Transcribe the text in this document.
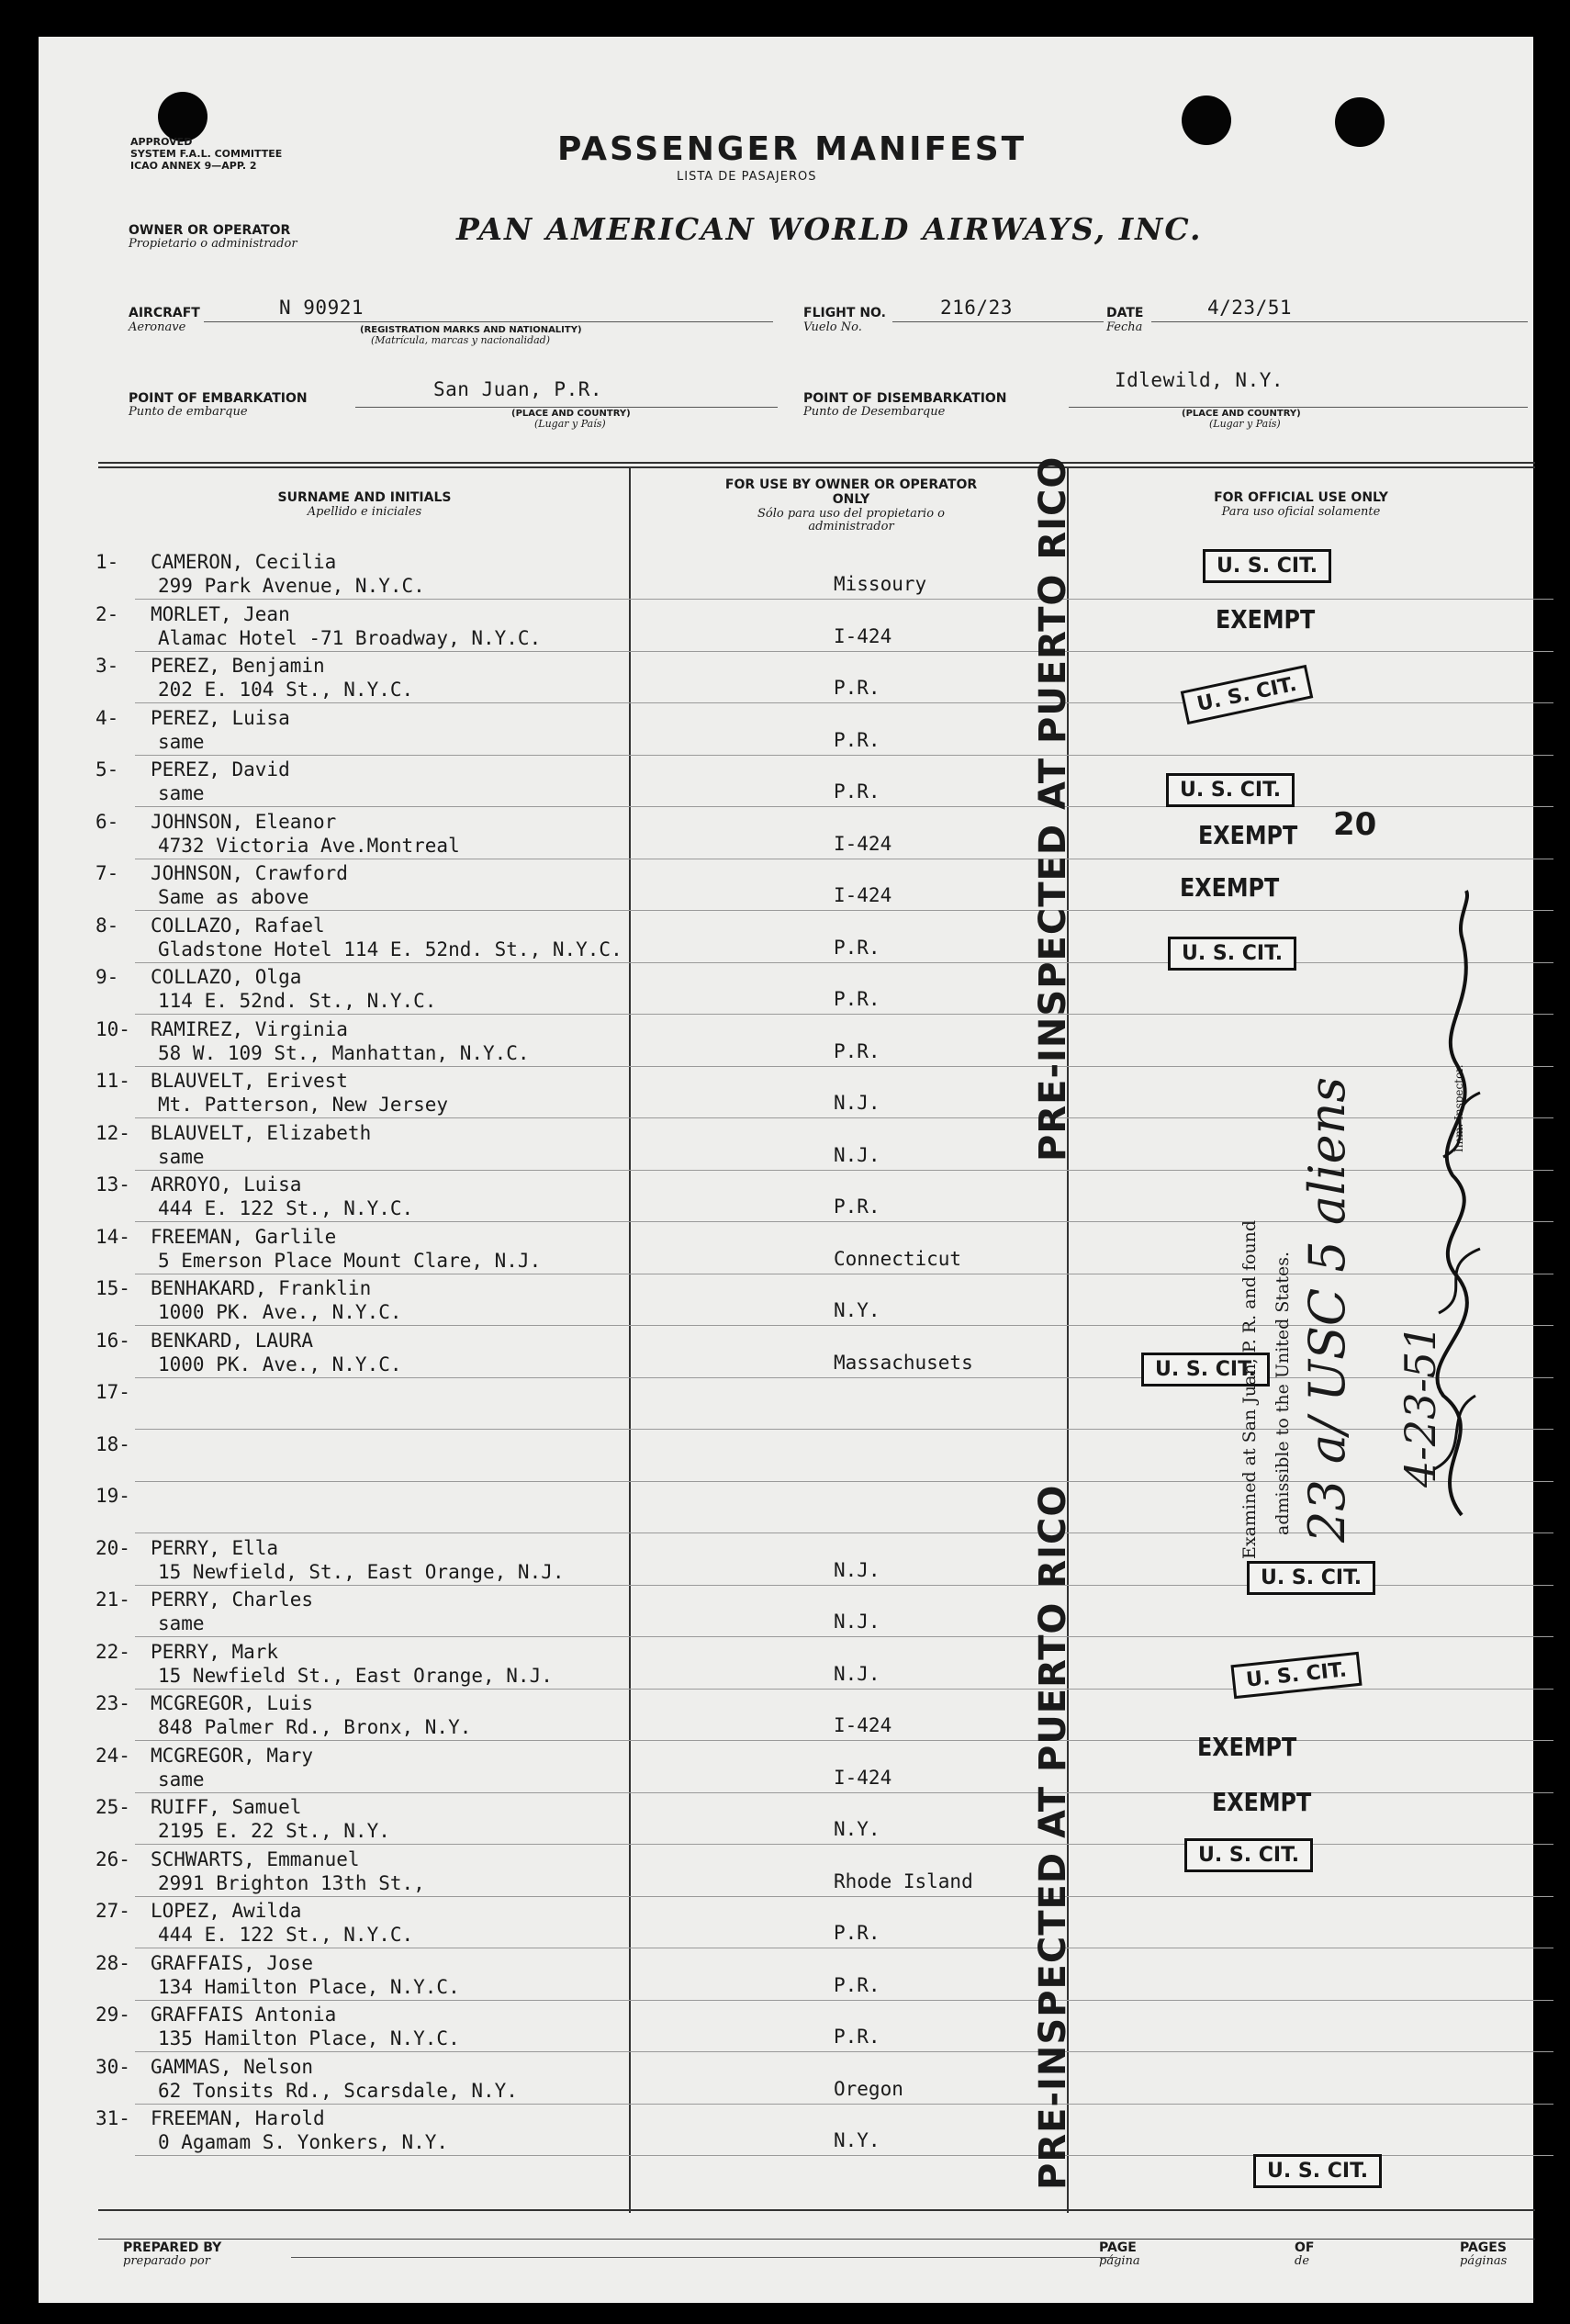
APPROVED
SYSTEM F.A.L. COMMITTEE
ICAO ANNEX 9—APP. 2	PASSENGER MANIFEST
LISTA DE PASAJEROS
OWNER OR OPERATOR
Propietario o administrador	PAN AMERICAN WORLD AIRWAYS, INC.
AIRCRAFT
Aeronave
N 90921
(REGISTRATION MARKS AND NATIONALITY)
(Matrícula, marcas y nacionalidad)
FLIGHT NO.
Vuelo No.
216/23	DATE
Fecha
4/23/51
POINT OF EMBARKATION
Punto de embarque
San Juan, P.R.
(PLACE AND COUNTRY)
(Lugar y País)
POINT OF DISEMBARKATION
Punto de Desembarque
Idlewild, N.Y.
(PLACE AND COUNTRY)
(Lugar y País)
SURNAME AND INITIALS
Apellido e iniciales
FOR USE BY OWNER OR OPERATOR ONLY
Sólo para uso del propietario o administrador
FOR OFFICIAL USE ONLY
Para uso oficial solamente
1- CAMERON, Cecilia
299 Park Avenue, N.Y.C.	Missoury
2- MORLET, Jean
Alamac Hotel -71 Broadway, N.Y.C.	I-424
3- PEREZ, Benjamin
202 E. 104 St., N.Y.C.	P.R.
4- PEREZ, Luisa
same	P.R.
5- PEREZ, David
same	P.R.
6- JOHNSON, Eleanor
4732 Victoria Ave.Montreal	I-424
7- JOHNSON, Crawford
Same as above	I-424
8- COLLAZO, Rafael
Gladstone Hotel 114 E. 52nd. St., N.Y.C.	P.R.
9- COLLAZO, Olga
114 E. 52nd. St., N.Y.C.	P.R.
10- RAMIREZ, Virginia
58 W. 109 St., Manhattan, N.Y.C.	P.R.
11- BLAUVELT, Erivest
Mt. Patterson, New Jersey	N.J.
12- BLAUVELT, Elizabeth
same	N.J.
13- ARROYO, Luisa
444 E. 122 St., N.Y.C.	P.R.
14- FREEMAN, Garlile
5 Emerson Place Mount Clare, N.J.	Connecticut
15- BENHAKARD, Franklin
1000 PK. Ave., N.Y.C.	N.Y.
16- BENKARD, LAURA
1000 PK. Ave., N.Y.C.	Massachusets
17-
18-
19-
20- PERRY, Ella
15 Newfield, St., East Orange, N.J.	N.J.
21- PERRY, Charles
same	N.J.
22- PERRY, Mark
15 Newfield St., East Orange, N.J.	N.J.
23- MCGREGOR, Luis
848 Palmer Rd., Bronx, N.Y.	I-424
24- MCGREGOR, Mary
same	I-424
25- RUIFF, Samuel
2195 E. 22 St., N.Y.	N.Y.
26- SCHWARTS, Emmanuel
2991 Brighton 13th St.,	Rhode Island
27- LOPEZ, Awilda
444 E. 122 St., N.Y.C.	P.R.
28- GRAFFAIS, Jose
134 Hamilton Place, N.Y.C.	P.R.
29- GRAFFAIS Antonia
135 Hamilton Place, N.Y.C.	P.R.
30- GAMMAS, Nelson
62 Tonsits Rd., Scarsdale, N.Y.	Oregon
31- FREEMAN, Harold
0 Agamam S. Yonkers, N.Y.	N.Y.
PRE-INSPECTED AT PUERTO RICO
PRE-INSPECTED AT PUERTO RICO
U. S. CIT.
EXEMPT
U. S. CIT.
U. S. CIT.
EXEMPT 20
EXEMPT
U. S. CIT.
U. S. CIT.
U. S. CIT.
U. S. CIT.
EXEMPT
EXEMPT
U. S. CIT.
U. S. CIT.
Examined at San Juan, P. R. and found admissible to the United States.
Imm. Inspector.
23 a/ USC 5 aliens 4-23-51
PREPARED BY
preparado por
PAGE
página
OF
de
PAGES
páginas
